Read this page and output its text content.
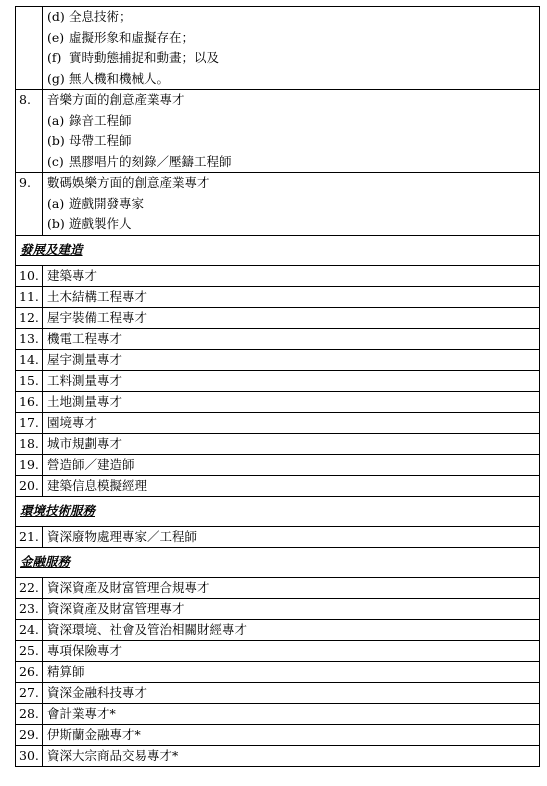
	(d) 全息技術；
(e) 虛擬形象和虛擬存在；
(f) 實時動態捕捉和動畫；以及
(g) 無人機和機械人。

8.	音樂方面的創意產業專才
(a) 錄音工程師
(b) 母帶工程師
(c) 黑膠唱片的刻錄／壓鑄工程師

9.	數碼娛樂方面的創意產業專才
(a) 遊戲開發專家
(b) 遊戲製作人

發展及建造	
10.	建築專才
11.	土木結構工程專才
12.	屋宇裝備工程專才
13.	機電工程專才
14.	屋宇測量專才
15.	工料測量專才
16.	土地測量專才
17.	園境專才
18.	城市規劃專才
19.	營造師／建造師
20.	建築信息模擬經理
環境技術服務	
21.	資深廢物處理專家／工程師
金融服務	
22.	資深資產及財富管理合規專才
23.	資深資產及財富管理專才
24.	資深環境、社會及管治相關財經專才
25.	專項保險專才
26.	精算師
27.	資深金融科技專才
28.	會計業專才*
29.	伊斯蘭金融專才*
30.	資深大宗商品交易專才*
